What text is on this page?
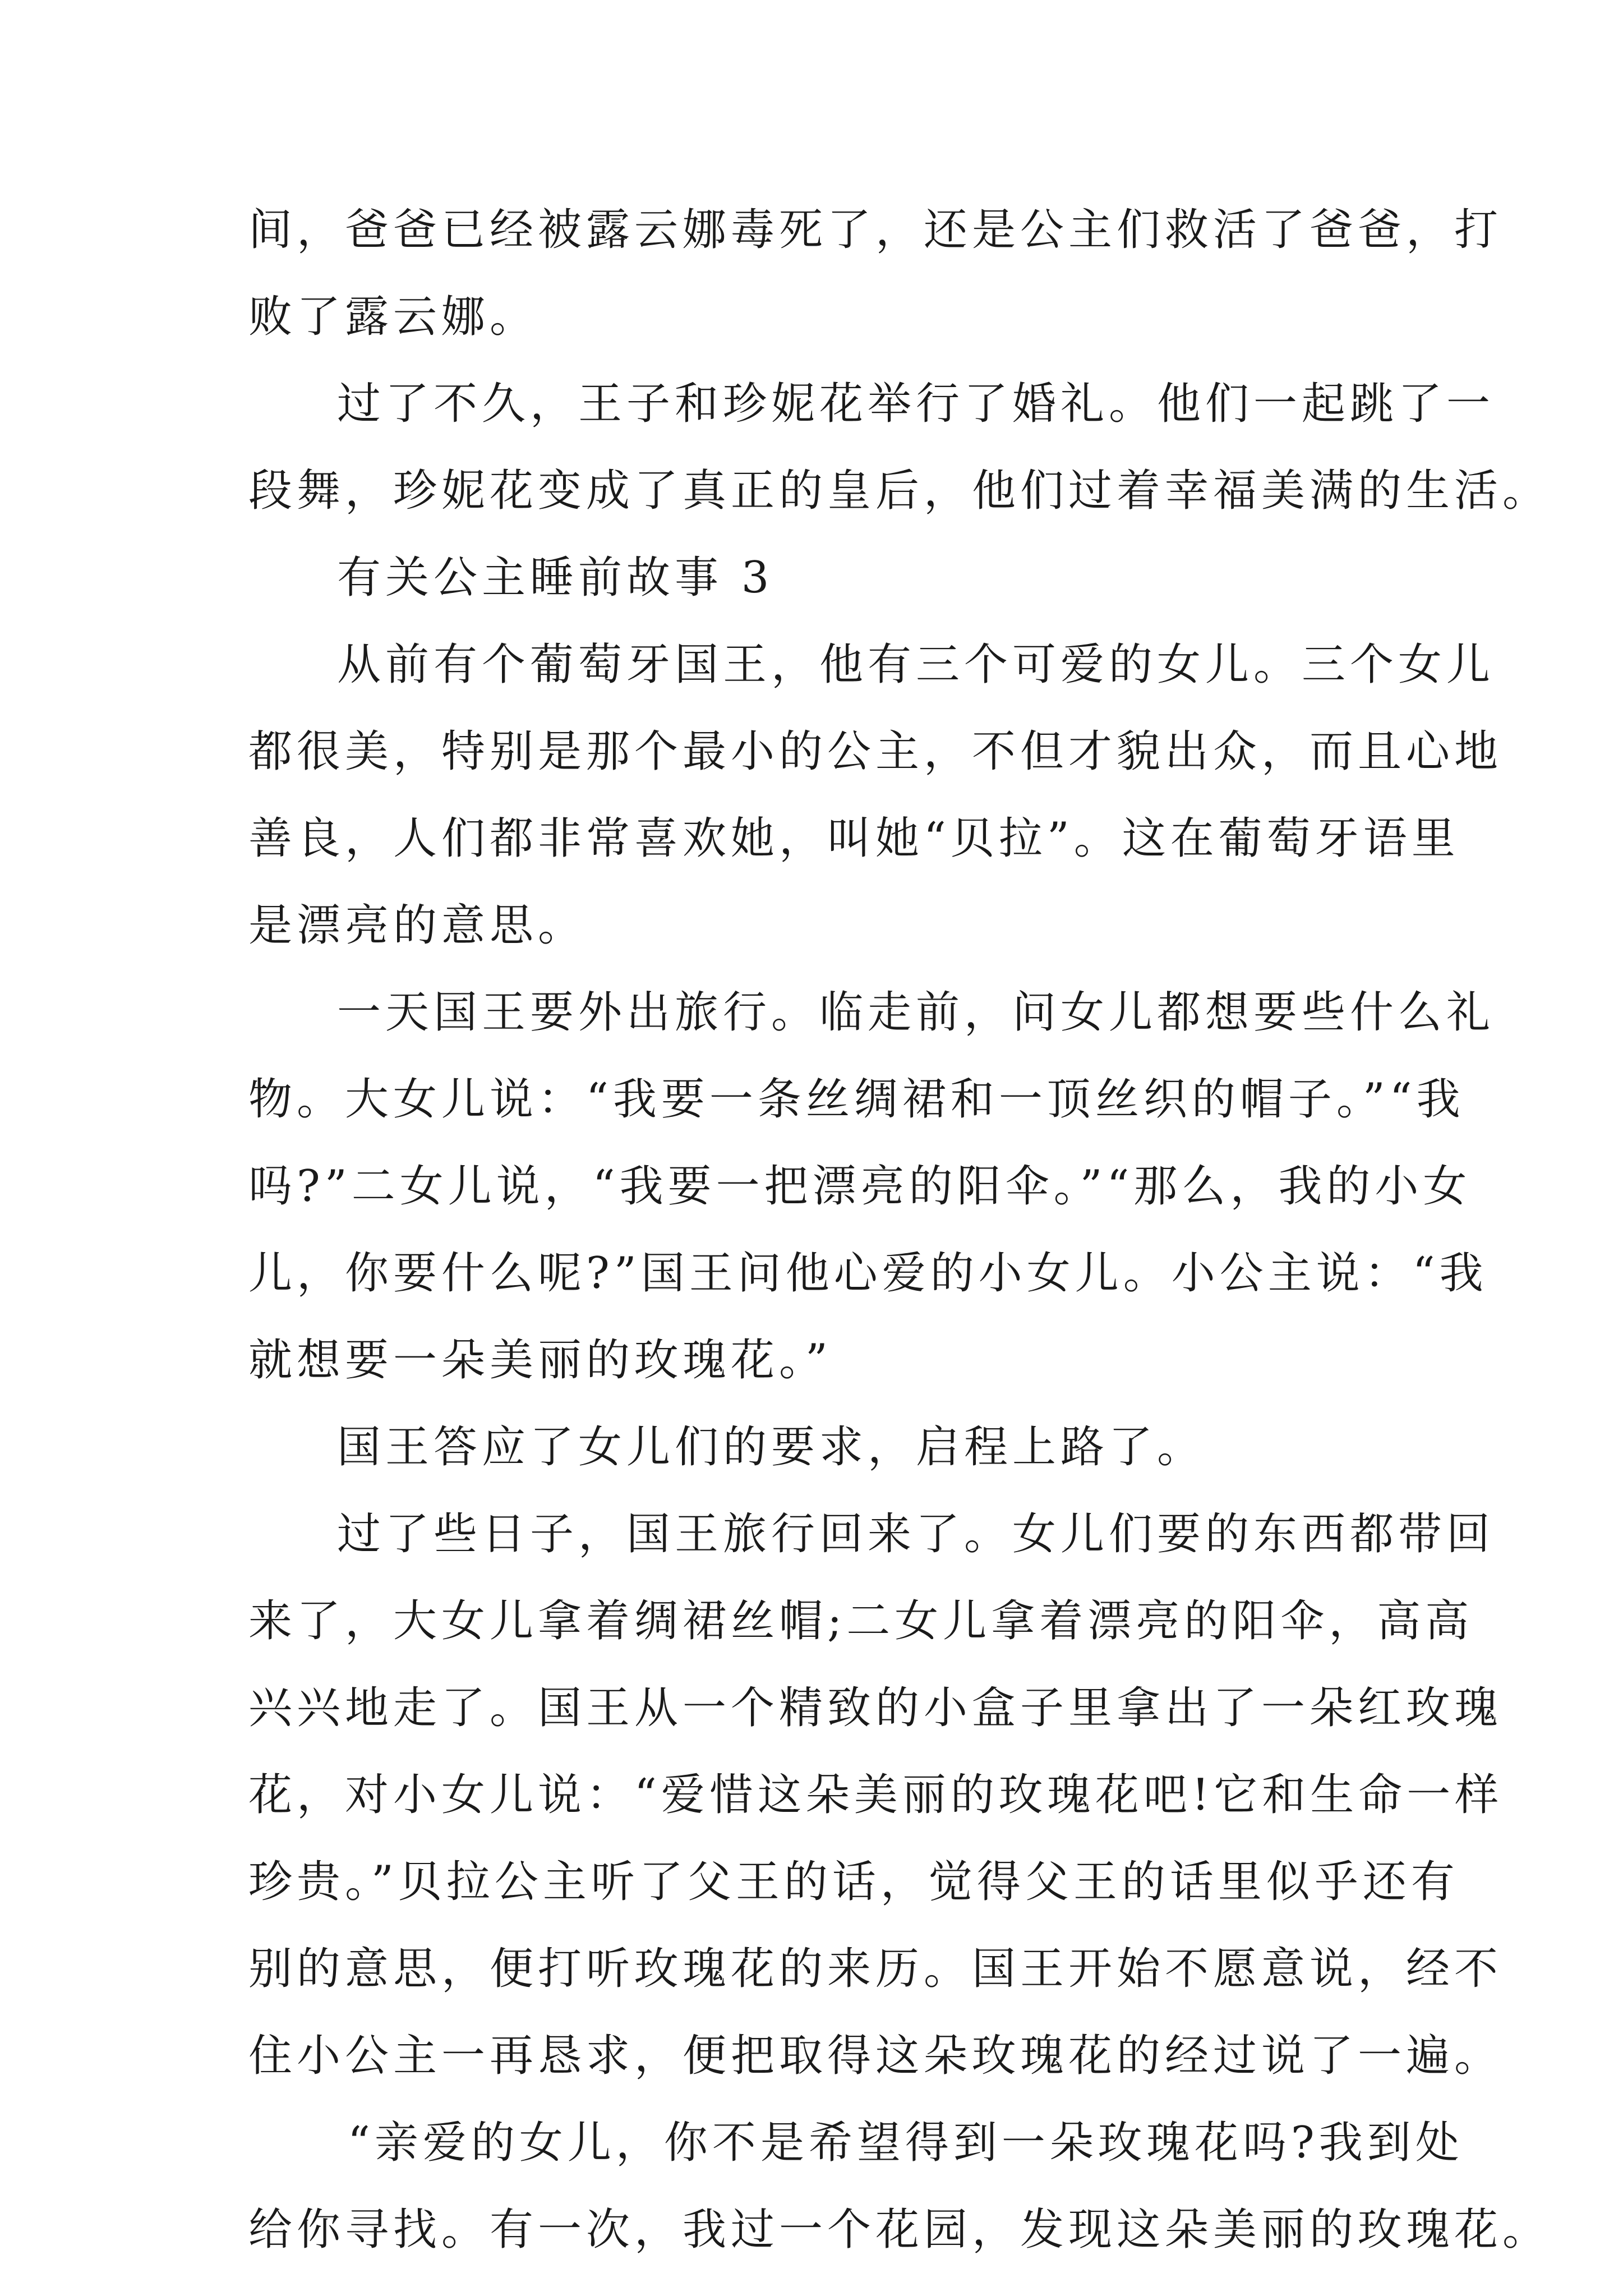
间，爸爸已经被露云娜毒死了，还是公主们救活了爸爸，打
败了露云娜。
过了不久，王子和珍妮花举行了婚礼。他们一起跳了一
段舞，珍妮花变成了真正的皇后，他们过着幸福美满的生活。
有关公主睡前故事 3
从前有个葡萄牙国王，他有三个可爱的女儿。三个女儿
都很美，特别是那个最小的公主，不但才貌出众，而且心地
善良，人们都非常喜欢她，叫她“贝拉”。这在葡萄牙语里
是漂亮的意思。
一天国王要外出旅行。临走前，问女儿都想要些什么礼
物。大女儿说：“我要一条丝绸裙和一顶丝织的帽子。”“我
吗?”二女儿说，“我要一把漂亮的阳伞。”“那么，我的小女
儿，你要什么呢?”国王问他心爱的小女儿。小公主说：“我
就想要一朵美丽的玫瑰花。”
国王答应了女儿们的要求，启程上路了。
过了些日子，国王旅行回来了。女儿们要的东西都带回
来了，大女儿拿着绸裙丝帽;二女儿拿着漂亮的阳伞，高高
兴兴地走了。国王从一个精致的小盒子里拿出了一朵红玫瑰
花，对小女儿说：“爱惜这朵美丽的玫瑰花吧!它和生命一样
珍贵。”贝拉公主听了父王的话，觉得父王的话里似乎还有
别的意思，便打听玫瑰花的来历。国王开始不愿意说，经不
住小公主一再恳求，便把取得这朵玫瑰花的经过说了一遍。
“亲爱的女儿，你不是希望得到一朵玫瑰花吗?我到处
给你寻找。有一次，我过一个花园，发现这朵美丽的玫瑰花。
